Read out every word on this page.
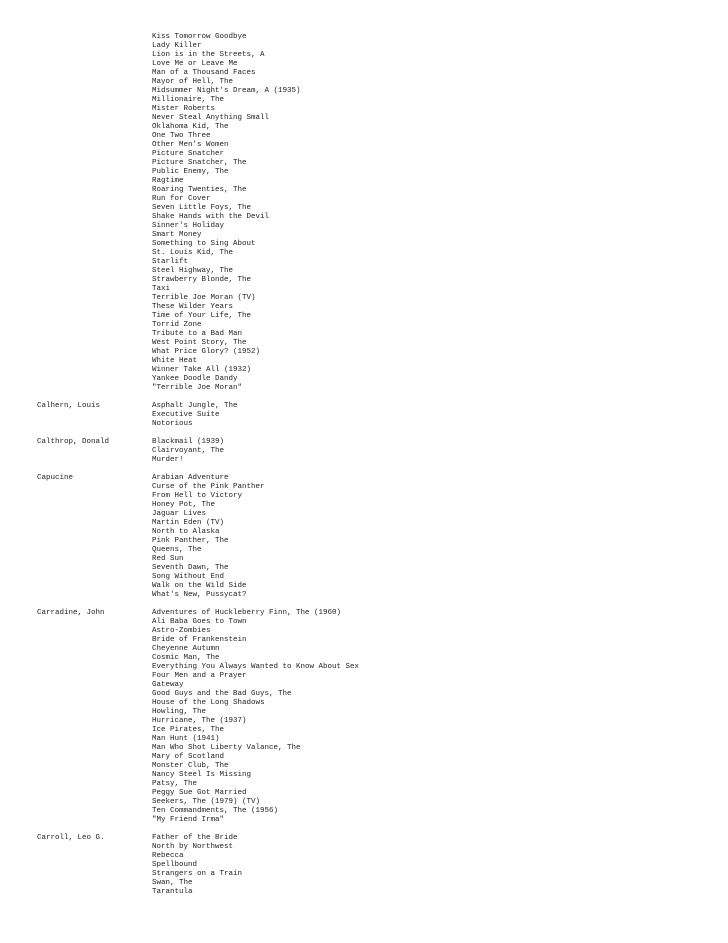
Kiss Tomorrow Goodbye
Lady Killer
Lion is in the Streets, A
Love Me or Leave Me
Man of a Thousand Faces
Mayor of Hell, The
Midsummer Night's Dream, A (1935)
Millionaire, The
Mister Roberts
Never Steal Anything Small
Oklahoma Kid, The
One Two Three
Other Men's Women
Picture Snatcher
Picture Snatcher, The
Public Enemy, The
Ragtime
Roaring Twenties, The
Run for Cover
Seven Little Foys, The
Shake Hands with the Devil
Sinner's Holiday
Smart Money
Something to Sing About
St. Louis Kid, The
Starlift
Steel Highway, The
Strawberry Blonde, The
Taxi
Terrible Joe Moran (TV)
These Wilder Years
Time of Your Life, The
Torrid Zone
Tribute to a Bad Man
West Point Story, The
What Price Glory? (1952)
White Heat
Winner Take All (1932)
Yankee Doodle Dandy
"Terrible Joe Moran"
Calhern, Louis	Asphalt Jungle, The
Executive Suite
Notorious
Calthrop, Donald	Blackmail (1939)
Clairvoyant, The
Murder!
Capucine	Arabian Adventure
Curse of the Pink Panther
From Hell to Victory
Honey Pot, The
Jaguar Lives
Martin Eden (TV)
North to Alaska
Pink Panther, The
Queens, The
Red Sun
Seventh Dawn, The
Song Without End
Walk on the Wild Side
What's New, Pussycat?
Carradine, John	Adventures of Huckleberry Finn, The (1960)
Ali Baba Goes to Town
Astro-Zombies
Bride of Frankenstein
Cheyenne Autumn
Cosmic Man, The
Everything You Always Wanted to Know About Sex
Four Men and a Prayer
Gateway
Good Guys and the Bad Guys, The
House of the Long Shadows
Howling, The
Hurricane, The (1937)
Ice Pirates, The
Man Hunt (1941)
Man Who Shot Liberty Valance, The
Mary of Scotland
Monster Club, The
Nancy Steel Is Missing
Patsy, The
Peggy Sue Got Married
Seekers, The (1979) (TV)
Ten Commandments, The (1956)
"My Friend Irma"
Carroll, Leo G.	Father of the Bride
North by Northwest
Rebecca
Spellbound
Strangers on a Train
Swan, The
Tarantula
